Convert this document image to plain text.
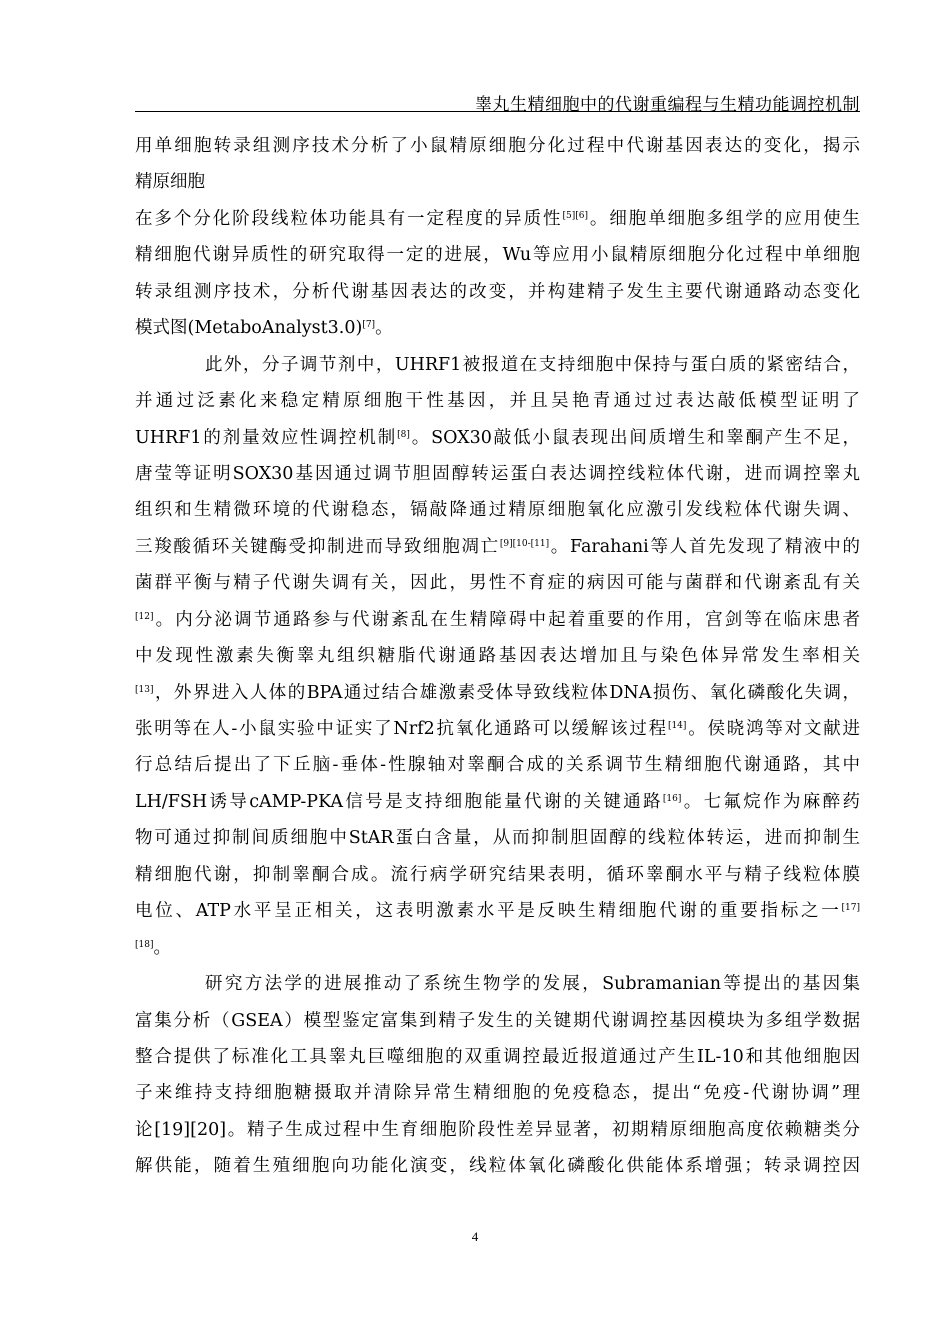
睾丸生精细胞中的代谢重编程与生精功能调控机制
用单细胞转录组测序技术分析了小鼠精原细胞分化过程中代谢基因表达的变化，揭示
精原细胞
在多个分化阶段线粒体功能具有一定程度的异质性[5][6]。细胞单细胞多组学的应用使生
精细胞代谢异质性的研究取得一定的进展，Wu等应用小鼠精原细胞分化过程中单细胞
转录组测序技术，分析代谢基因表达的改变，并构建精子发生主要代谢通路动态变化
模式图(MetaboAnalyst3.0)[7]。
此外，分子调节剂中，UHRF1被报道在支持细胞中保持与蛋白质的紧密结合，
并通过泛素化来稳定精原细胞干性基因，并且吴艳青通过过表达敲低模型证明了
UHRF1的剂量效应性调控机制[8]。SOX30敲低小鼠表现出间质增生和睾酮产生不足，
唐莹等证明SOX30基因通过调节胆固醇转运蛋白表达调控线粒体代谢，进而调控睾丸
组织和生精微环境的代谢稳态，镉敲降通过精原细胞氧化应激引发线粒体代谢失调、
三羧酸循环关键酶受抑制进而导致细胞凋亡[9][10-[11]。Farahani等人首先发现了精液中的
菌群平衡与精子代谢失调有关，因此，男性不育症的病因可能与菌群和代谢紊乱有关
[12]。内分泌调节通路参与代谢紊乱在生精障碍中起着重要的作用，宫剑等在临床患者
中发现性激素失衡睾丸组织糖脂代谢通路基因表达增加且与染色体异常发生率相关
[13]，外界进入人体的BPA通过结合雄激素受体导致线粒体DNA损伤、氧化磷酸化失调，
张明等在人-小鼠实验中证实了Nrf2抗氧化通路可以缓解该过程[14]。侯晓鸿等对文献进
行总结后提出了下丘脑-垂体-性腺轴对睾酮合成的关系调节生精细胞代谢通路，其中
LH/FSH诱导cAMP-PKA信号是支持细胞能量代谢的关键通路[16]。七氟烷作为麻醉药
物可通过抑制间质细胞中StAR蛋白含量，从而抑制胆固醇的线粒体转运，进而抑制生
精细胞代谢，抑制睾酮合成。流行病学研究结果表明，循环睾酮水平与精子线粒体膜
电位、ATP水平呈正相关，这表明激素水平是反映生精细胞代谢的重要指标之一[17]
[18]。
研究方法学的进展推动了系统生物学的发展，Subramanian等提出的基因集
富集分析（GSEA）模型鉴定富集到精子发生的关键期代谢调控基因模块为多组学数据
整合提供了标准化工具睾丸巨噬细胞的双重调控最近报道通过产生IL-10和其他细胞因
子来维持支持细胞糖摄取并清除异常生精细胞的免疫稳态，提出“免疫-代谢协调”理
论[19][20]。精子生成过程中生育细胞阶段性差异显著，初期精原细胞高度依赖糖类分
解供能，随着生殖细胞向功能化演变，线粒体氧化磷酸化供能体系增强；转录调控因
4
